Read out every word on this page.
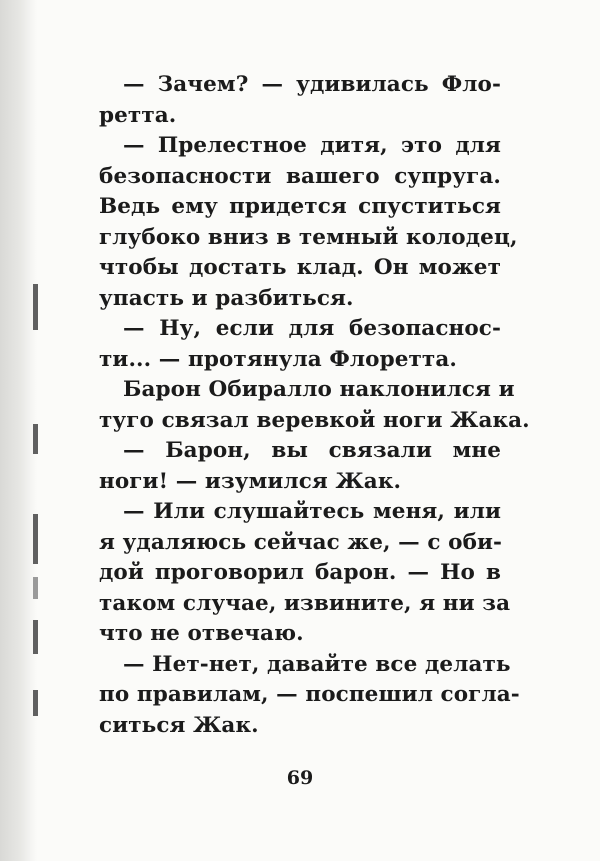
— Зачем? — удивилась Фло-
ретта.
— Прелестное дитя, это для
безопасности вашего супруга.
Ведь ему придется спуститься
глубоко вниз в темный колодец,
чтобы достать клад. Он может
упасть и разбиться.
— Ну, если для безопаснос-
ти... — протянула Флоретта.
Барон Обиралло наклонился и
туго связал веревкой ноги Жака.
— Барон, вы связали мне
ноги! — изумился Жак.
— Или слушайтесь меня, или
я удаляюсь сейчас же, — с оби-
дой проговорил барон. — Но в
таком случае, извините, я ни за
что не отвечаю.
— Нет-нет, давайте все делать
по правилам, — поспешил согла-
ситься Жак.
69
